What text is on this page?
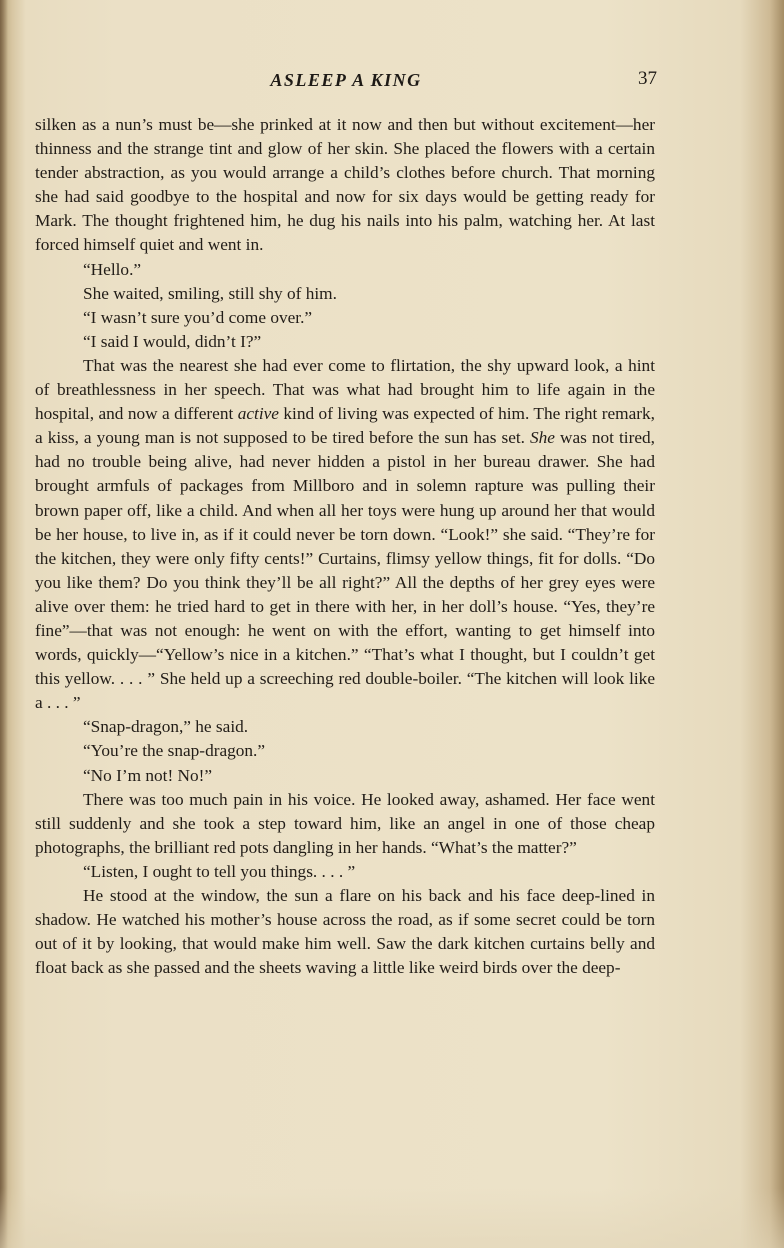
ASLEEP A KING	37

silken as a nun’s must be—she prinked at it now and then but without excitement—her thinness and the strange tint and glow of her skin. She placed the flowers with a certain tender abstraction, as you would arrange a child’s clothes before church. That morning she had said goodbye to the hospital and now for six days would be getting ready for Mark. The thought frightened him, he dug his nails into his palm, watching her. At last forced himself quiet and went in.

“Hello.”

She waited, smiling, still shy of him.

“I wasn’t sure you’d come over.”

“I said I would, didn’t I?”

That was the nearest she had ever come to flirtation, the shy upward look, a hint of breathlessness in her speech. That was what had brought him to life again in the hospital, and now a different active kind of living was expected of him. The right remark, a kiss, a young man is not supposed to be tired before the sun has set. She was not tired, had no trouble being alive, had never hidden a pistol in her bureau drawer. She had brought armfuls of packages from Millboro and in solemn rapture was pulling their brown paper off, like a child. And when all her toys were hung up around her that would be her house, to live in, as if it could never be torn down. “Look!” she said. “They’re for the kitchen, they were only fifty cents!” Curtains, flimsy yellow things, fit for dolls. “Do you like them? Do you think they’ll be all right?” All the depths of her grey eyes were alive over them: he tried hard to get in there with her, in her doll’s house. “Yes, they’re fine”—that was not enough: he went on with the effort, wanting to get himself into words, quickly—“Yellow’s nice in a kitchen.” “That’s what I thought, but I couldn’t get this yellow. . . . ” She held up a screeching red double-boiler. “The kitchen will look like a . . . ”

“Snap-dragon,” he said.

“You’re the snap-dragon.”

“No I’m not! No!”

There was too much pain in his voice. He looked away, ashamed. Her face went still suddenly and she took a step toward him, like an angel in one of those cheap photographs, the brilliant red pots dangling in her hands. “What’s the matter?”

“Listen, I ought to tell you things. . . . ”

He stood at the window, the sun a flare on his back and his face deep-lined in shadow. He watched his mother’s house across the road, as if some secret could be torn out of it by looking, that would make him well. Saw the dark kitchen curtains belly and float back as she passed and the sheets waving a little like weird birds over the deep-
